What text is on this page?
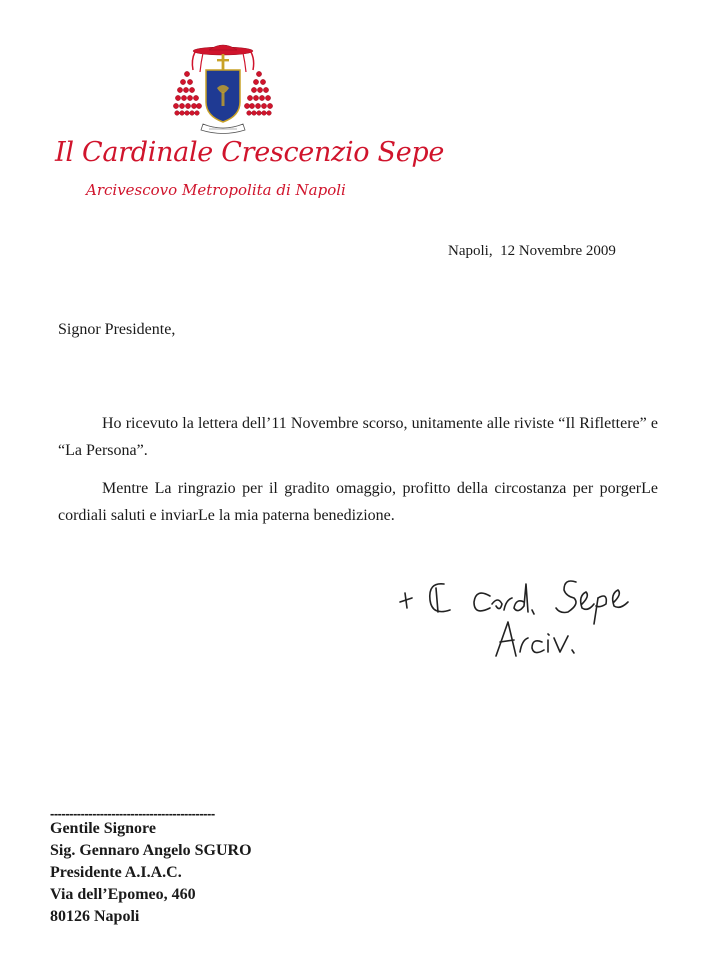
Il Cardinale Crescenzio Sepe
Arcivescovo Metropolita di Napoli
Napoli,  12 Novembre 2009
Signor Presidente,

Ho ricevuto la lettera dell’11 Novembre scorso, unitamente alle riviste “Il Riflettere” e “La Persona”.

Mentre La ringrazio per il gradito omaggio, profitto della circostanza per porgerLe cordiali saluti e inviarLe la mia paterna benedizione.

-------------------------------------------
Gentile Signore
Sig. Gennaro Angelo SGURO
Presidente A.I.A.C.
Via dell’Epomeo, 460
80126 Napoli
